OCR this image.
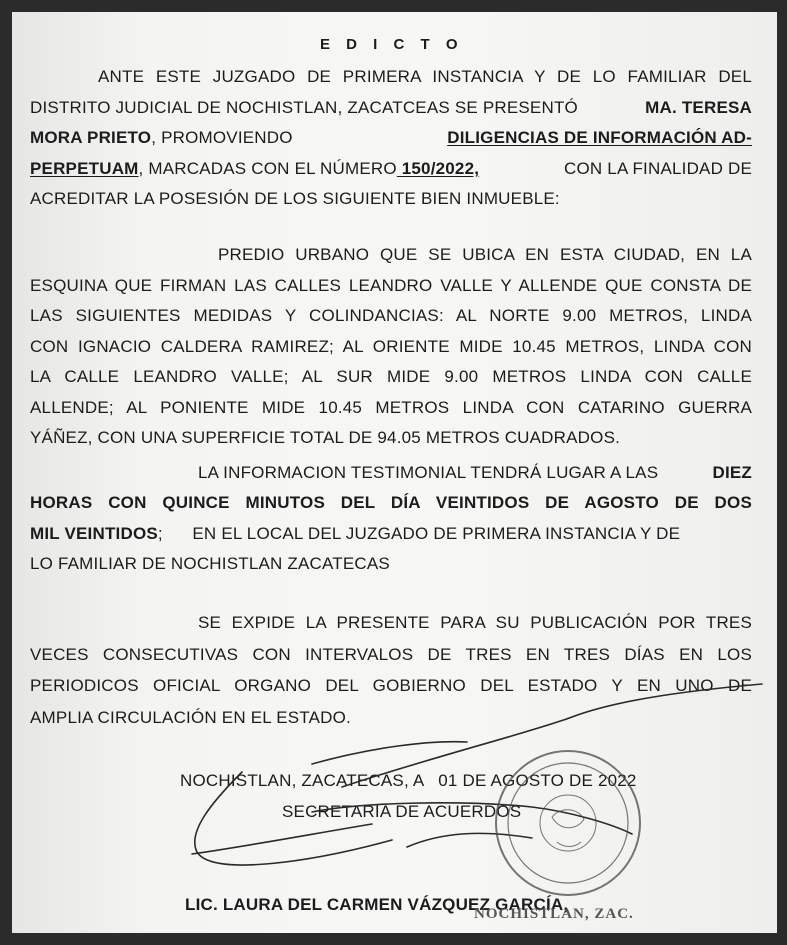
E D I C T O
ANTE ESTE JUZGADO DE PRIMERA INSTANCIA Y DE LO FAMILIAR DEL
DISTRITO JUDICIAL DE NOCHISTLAN, ZACATCEAS SE PRESENTÓ	MA. TERESA
MORA PRIETO, PROMOVIENDO	DILIGENCIAS DE INFORMACIÓN AD-
PERPETUAM, MARCADAS CON EL NÚMERO 150/2022,	CON LA FINALIDAD DE
ACREDITAR LA POSESIÓN DE LOS SIGUIENTE BIEN INMUEBLE:
PREDIO URBANO QUE SE UBICA EN ESTA CIUDAD, EN LA
ESQUINA QUE FIRMAN LAS CALLES LEANDRO VALLE Y ALLENDE QUE CONSTA DE
LAS SIGUIENTES MEDIDAS Y COLINDANCIAS: AL NORTE 9.00 METROS, LINDA
CON IGNACIO CALDERA RAMIREZ; AL ORIENTE MIDE 10.45 METROS, LINDA CON
LA CALLE LEANDRO VALLE; AL SUR MIDE 9.00 METROS LINDA CON CALLE
ALLENDE; AL PONIENTE MIDE 10.45 METROS LINDA CON CATARINO GUERRA
YÁÑEZ, CON UNA SUPERFICIE TOTAL DE 94.05 METROS CUADRADOS.
LA INFORMACION TESTIMONIAL TENDRÁ LUGAR A LAS	DIEZ
HORAS CON QUINCE MINUTOS DEL DÍA VEINTIDOS DE AGOSTO DE DOS
MIL VEINTIDOS ;      EN EL LOCAL DEL JUZGADO DE PRIMERA INSTANCIA Y DE
LO FAMILIAR DE NOCHISTLAN ZACATECAS
SE EXPIDE LA PRESENTE PARA SU PUBLICACIÓN POR TRES
VECES CONSECUTIVAS CON INTERVALOS DE TRES EN TRES DÍAS EN LOS
PERIODICOS OFICIAL ORGANO DEL GOBIERNO DEL ESTADO Y EN UNO DE
AMPLIA CIRCULACIÓN EN EL ESTADO.
NOCHISTLAN, ZACATECAS, A   01 DE AGOSTO DE 2022
SECRETARIA DE ACUERDOS
LIC. LAURA DEL CARMEN VÁZQUEZ GARCÍA,
NOCHISTLAN, ZAC.
